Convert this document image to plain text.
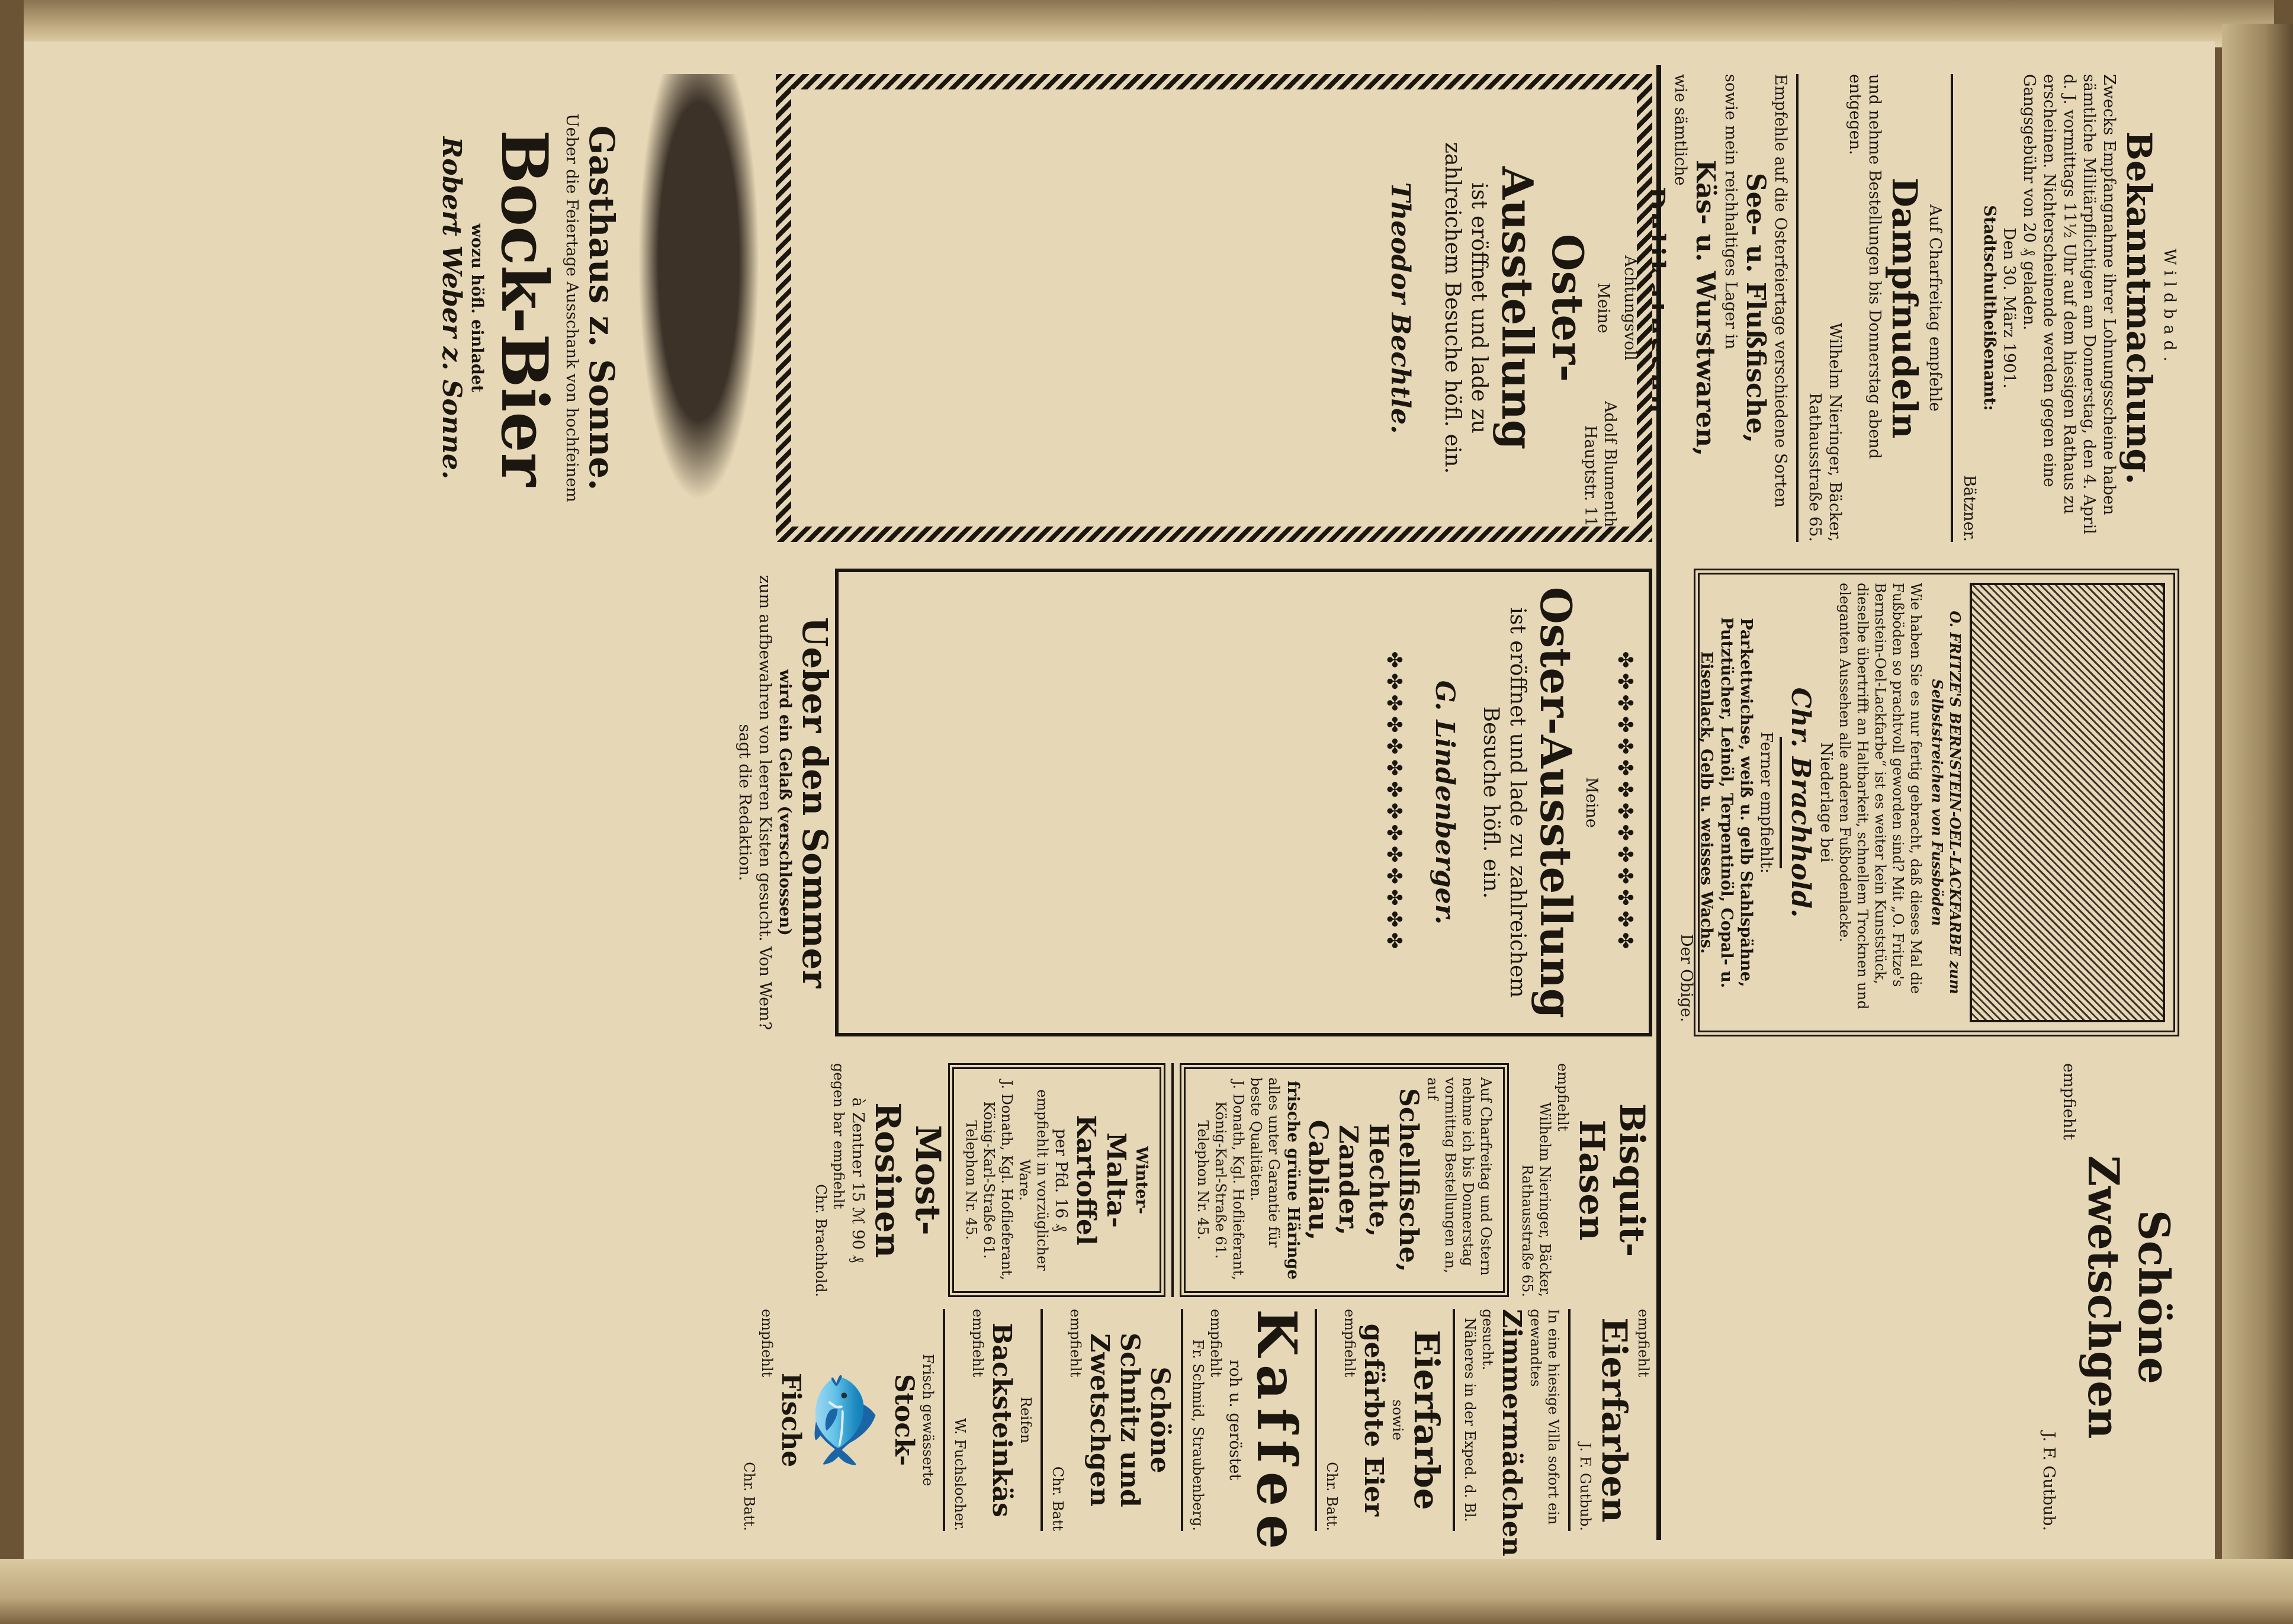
Wildbad.
Bekanntmachung.
Zwecks Empfangnahme ihrer Lohnungsscheine haben sämtliche Militärpflichtigen am Donnerstag, den 4. April d. J. vormittags 11½ Uhr auf dem hiesigen Rathaus zu erscheinen. Nichterscheinende werden gegen eine Gangsgebühr von 20 ₰ geladen.
Den 30. März 1901.
Stadtschultheißenamt:
Bätzner.
Auf Charfreitag empfehle
Dampfnudeln
und nehme Bestellungen bis Donnerstag abend entgegen.
Wilhelm Nieringer, Bäcker,
Rathausstraße 65.
Empfehle auf die Osterfeiertage verschiedene Sorten
See- u. Flußfische,
sowie mein reichhaltiges Lager in
Käs- u. Wurstwaren,
wie sämtliche
Delikatessen.
Achtungsvoll
Adolf Blumenthal
Hauptstr. 110.
O. FRITZE'S BERNSTEIN-OEL-LACKFARBE zum Selbststreichen von Fussböden
Wie haben Sie es nur fertig gebracht, daß dieses Mal die Fußböden so prachtvoll geworden sind? Mit „O. Fritze's Bernstein-Oel-Lackfarbe“ ist es weiter kein Kunststück, dieselbe übertrifft an Haltbarkeit, schnellem Trocknen und eleganten Aussehen alle anderen Fußbodenlacke.
Niederlage bei
Chr. Brachhold.
Ferner empfiehlt:
Parkettwichse, weiß u. gelb Stahlspähne, Putztücher, Leinöl, Terpentinöl, Copal- u. Eisenlack, Gelb u. weisses Wachs.
Der Obige.
Schöne Zwetschgen
empfiehlt
J. F. Gutbub.
Meine
Oster-Ausstellung
ist eröffnet und lade zu zahlreichem Besuche höfl. ein.
Theodor Bechtle.
Gasthaus z. Sonne.
Ueber die Feiertage Ausschank von hochfeinem
Bock-Bier
wozu höfl. einladet
Robert Weber z. Sonne.
✤✤✤✤✤✤✤✤✤✤✤✤✤✤
Meine
Oster-Ausstellung
ist eröffnet und lade zu zahlreichem Besuche höfl. ein.
G. Lindenberger.
✤✤✤✤✤✤✤✤✤✤✤✤✤✤
Ueber den Sommer
wird ein Gelaß (verschlossen)
zum aufbewahren von leeren Kisten gesucht. Von Wem? sagt die Redaktion.
Bisquit-Hasen
empfiehlt
Wilhelm Nieringer, Bäcker,
Rathausstraße 65.
Auf Charfreitag und Ostern nehme ich bis Donnerstag vormittag Bestellungen an, auf
Schellfische, Hechte, Zander, Cabliau,
frische grüne Häringe
alles unter Garantie für beste Qualitäten.
J. Donath, Kgl. Hoflieferant,
König-Karl-Straße 61.
Telephon Nr. 45.
Winter-
Malta-Kartoffel
per Pfd. 16 ₰
empfiehlt in vorzüglicher Ware.
J. Donath, Kgl. Hoflieferant,
König-Karl-Straße 61.
Telephon Nr. 45.
Most-Rosinen
à Zentner 15 ℳ 90 ₰
gegen bar empfiehlt
Chr. Brachhold.
empfiehlt
Eierfarben
J. F. Gutbub.
In eine hiesige Villa sofort ein gewandtes
Zimmermädchen
gesucht.
Näheres in der Exped. d. Bl.
Eierfarbe
sowie
gefärbte Eier
empfiehlt
Chr. Batt.
Kaffee
roh u. geröstet
empfiehlt
Fr. Schmid, Straubenberg.
Schöne Schnitz und Zwetschgen
empfiehlt
Chr. Batt
Reifen
Backsteinkäs
empfiehlt
W. Fuchslocher.
Frisch gewässerte
Stock-
🐟
Fische
empfiehlt
Chr. Batt.
